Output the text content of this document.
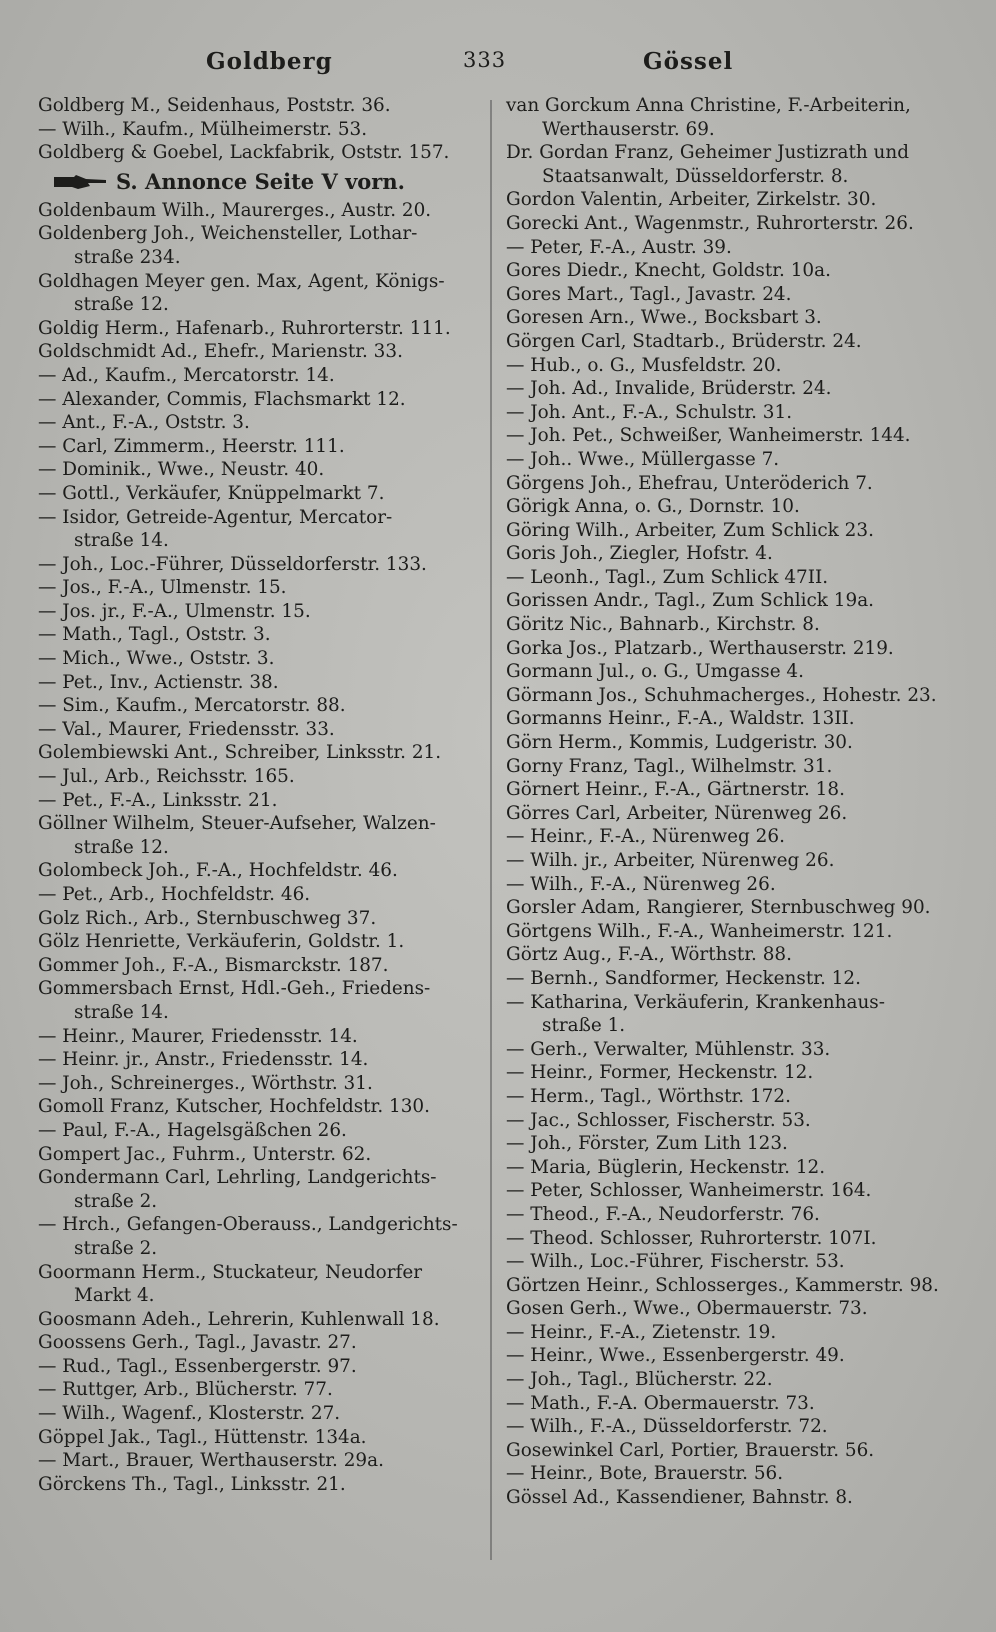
Goldberg	333	Gössel
Goldberg M., Seidenhaus, Poststr. 36.
— Wilh., Kaufm., Mülheimerstr. 53.
Goldberg & Goebel, Lackfabrik, Oststr. 157.
S. Annonce Seite V vorn.
Goldenbaum Wilh., Maurerges., Austr. 20.
Goldenberg Joh., Weichensteller, Lothar-
straße 234.
Goldhagen Meyer gen. Max, Agent, Königs-
straße 12.
Goldig Herm., Hafenarb., Ruhrorterstr. 111.
Goldschmidt Ad., Ehefr., Marienstr. 33.
— Ad., Kaufm., Mercatorstr. 14.
— Alexander, Commis, Flachsmarkt 12.
— Ant., F.-A., Oststr. 3.
— Carl, Zimmerm., Heerstr. 111.
— Dominik., Wwe., Neustr. 40.
— Gottl., Verkäufer, Knüppelmarkt 7.
— Isidor, Getreide-Agentur, Mercator-
straße 14.
— Joh., Loc.-Führer, Düsseldorferstr. 133.
— Jos., F.-A., Ulmenstr. 15.
— Jos. jr., F.-A., Ulmenstr. 15.
— Math., Tagl., Oststr. 3.
— Mich., Wwe., Oststr. 3.
— Pet., Inv., Actienstr. 38.
— Sim., Kaufm., Mercatorstr. 88.
— Val., Maurer, Friedensstr. 33.
Golembiewski Ant., Schreiber, Linksstr. 21.
— Jul., Arb., Reichsstr. 165.
— Pet., F.-A., Linksstr. 21.
Göllner Wilhelm, Steuer-Aufseher, Walzen-
straße 12.
Golombeck Joh., F.-A., Hochfeldstr. 46.
— Pet., Arb., Hochfeldstr. 46.
Golz Rich., Arb., Sternbuschweg 37.
Gölz Henriette, Verkäuferin, Goldstr. 1.
Gommer Joh., F.-A., Bismarckstr. 187.
Gommersbach Ernst, Hdl.-Geh., Friedens-
straße 14.
— Heinr., Maurer, Friedensstr. 14.
— Heinr. jr., Anstr., Friedensstr. 14.
— Joh., Schreinerges., Wörthstr. 31.
Gomoll Franz, Kutscher, Hochfeldstr. 130.
— Paul, F.-A., Hagelsgäßchen 26.
Gompert Jac., Fuhrm., Unterstr. 62.
Gondermann Carl, Lehrling, Landgerichts-
straße 2.
— Hrch., Gefangen-Oberauss., Landgerichts-
straße 2.
Goormann Herm., Stuckateur, Neudorfer
Markt 4.
Goosmann Adeh., Lehrerin, Kuhlenwall 18.
Goossens Gerh., Tagl., Javastr. 27.
— Rud., Tagl., Essenbergerstr. 97.
— Ruttger, Arb., Blücherstr. 77.
— Wilh., Wagenf., Klosterstr. 27.
Göppel Jak., Tagl., Hüttenstr. 134a.
— Mart., Brauer, Werthauserstr. 29a.
Görckens Th., Tagl., Linksstr. 21.
van Gorckum Anna Christine, F.-Arbeiterin,
Werthauserstr. 69.
Dr. Gordan Franz, Geheimer Justizrath und
Staatsanwalt, Düsseldorferstr. 8.
Gordon Valentin, Arbeiter, Zirkelstr. 30.
Gorecki Ant., Wagenmstr., Ruhrorterstr. 26.
— Peter, F.-A., Austr. 39.
Gores Diedr., Knecht, Goldstr. 10a.
Gores Mart., Tagl., Javastr. 24.
Goresen Arn., Wwe., Bocksbart 3.
Görgen Carl, Stadtarb., Brüderstr. 24.
— Hub., o. G., Musfeldstr. 20.
— Joh. Ad., Invalide, Brüderstr. 24.
— Joh. Ant., F.-A., Schulstr. 31.
— Joh. Pet., Schweißer, Wanheimerstr. 144.
— Joh.. Wwe., Müllergasse 7.
Görgens Joh., Ehefrau, Unteröderich 7.
Görigk Anna, o. G., Dornstr. 10.
Göring Wilh., Arbeiter, Zum Schlick 23.
Goris Joh., Ziegler, Hofstr. 4.
— Leonh., Tagl., Zum Schlick 47II.
Gorissen Andr., Tagl., Zum Schlick 19a.
Göritz Nic., Bahnarb., Kirchstr. 8.
Gorka Jos., Platzarb., Werthauserstr. 219.
Gormann Jul., o. G., Umgasse 4.
Görmann Jos., Schuhmacherges., Hohestr. 23.
Gormanns Heinr., F.-A., Waldstr. 13II.
Görn Herm., Kommis, Ludgeristr. 30.
Gorny Franz, Tagl., Wilhelmstr. 31.
Görnert Heinr., F.-A., Gärtnerstr. 18.
Görres Carl, Arbeiter, Nürenweg 26.
— Heinr., F.-A., Nürenweg 26.
— Wilh. jr., Arbeiter, Nürenweg 26.
— Wilh., F.-A., Nürenweg 26.
Gorsler Adam, Rangierer, Sternbuschweg 90.
Görtgens Wilh., F.-A., Wanheimerstr. 121.
Görtz Aug., F.-A., Wörthstr. 88.
— Bernh., Sandformer, Heckenstr. 12.
— Katharina, Verkäuferin, Krankenhaus-
straße 1.
— Gerh., Verwalter, Mühlenstr. 33.
— Heinr., Former, Heckenstr. 12.
— Herm., Tagl., Wörthstr. 172.
— Jac., Schlosser, Fischerstr. 53.
— Joh., Förster, Zum Lith 123.
— Maria, Büglerin, Heckenstr. 12.
— Peter, Schlosser, Wanheimerstr. 164.
— Theod., F.-A., Neudorferstr. 76.
— Theod. Schlosser, Ruhrorterstr. 107I.
— Wilh., Loc.-Führer, Fischerstr. 53.
Görtzen Heinr., Schlosserges., Kammerstr. 98.
Gosen Gerh., Wwe., Obermauerstr. 73.
— Heinr., F.-A., Zietenstr. 19.
— Heinr., Wwe., Essenbergerstr. 49.
— Joh., Tagl., Blücherstr. 22.
— Math., F.-A. Obermauerstr. 73.
— Wilh., F.-A., Düsseldorferstr. 72.
Gosewinkel Carl, Portier, Brauerstr. 56.
— Heinr., Bote, Brauerstr. 56.
Gössel Ad., Kassendiener, Bahnstr. 8.
